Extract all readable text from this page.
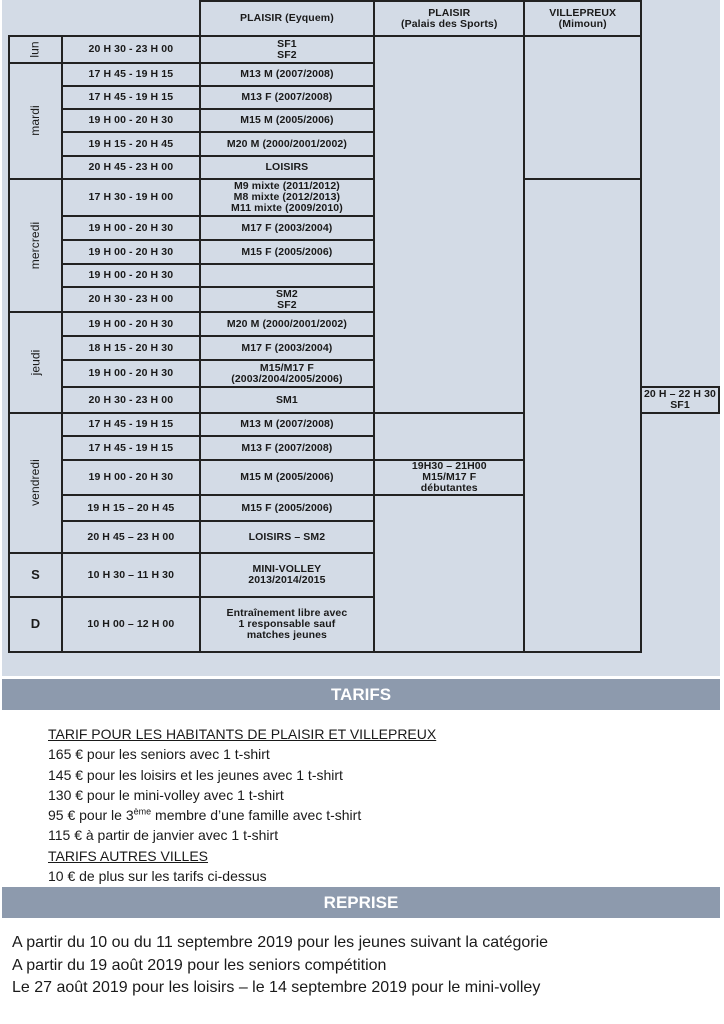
		PLAISIR (Eyquem)	PLAISIR
(Palais des Sports)	VILLEPREUX
(Mimoun)	

lun	20 H 30 - 23 H 00	SF1
SF2			

mardi	17 H 45 - 19 H 15	M13 M (2007/2008)			

	17 H 45 - 19 H 15	M13 F (2007/2008)			

	19 H 00 - 20 H 30	M15 M (2005/2006)			

	19 H 15 - 20 H 45	M20 M (2000/2001/2002)			

	20 H 45 - 23 H 00	LOISIRS			

mercredi	17 H 30 - 19 H 00	M9 mixte (2011/2012)
M8 mixte (2012/2013)
M11 mixte (2009/2010)			

	19 H 00 - 20 H 30	M17 F (2003/2004)			

	19 H 00 - 20 H 30	M15 F (2005/2006)			

	19 H 00 - 20 H 30				
	20 H 30 - 23 H 00	SM2
SF2			

jeudi	19 H 00 - 20 H 30	M20 M (2000/2001/2002)			

	18 H 15 - 20 H 30	M17 F (2003/2004)			

	19 H 00 - 20 H 30	M15/M17 F
(2003/2004/2005/2006)			

	20 H 30 - 23 H 00	SM1			20 H – 22 H 30
SF1

vendredi	17 H 45 - 19 H 15	M13 M (2007/2008)			

	17 H 45 - 19 H 15	M13 F (2007/2008)			

	19 H 00 - 20 H 30	M15 M (2005/2006)	19H30 – 21H00
M15/M17 F
débutantes		

	19 H 15 – 20 H 45	M15 F (2005/2006)			

	20 H 45 – 23 H 00	LOISIRS – SM2			

S	10 H 30 – 11 H 30	MINI-VOLLEY
2013/2014/2015			

D	10 H 00 – 12 H 00	Entraînement libre avec
1 responsable sauf
matches jeunes			
TARIFS
TARIF POUR LES HABITANTS DE PLAISIR ET VILLEPREUX
165 € pour les seniors avec 1 t-shirt
145 € pour les loisirs et les jeunes avec 1 t-shirt
130 € pour le mini-volley avec 1 t-shirt
95 € pour le 3ème membre d’une famille avec t-shirt
115 € à partir de janvier avec 1 t-shirt
TARIFS AUTRES VILLES
10 € de plus sur les tarifs ci-dessus
REPRISE
A partir du 10 ou du 11 septembre 2019 pour les jeunes suivant la catégorie
A partir du 19 août 2019 pour les seniors compétition
Le 27 août 2019 pour les loisirs – le 14 septembre 2019 pour le mini-volley
